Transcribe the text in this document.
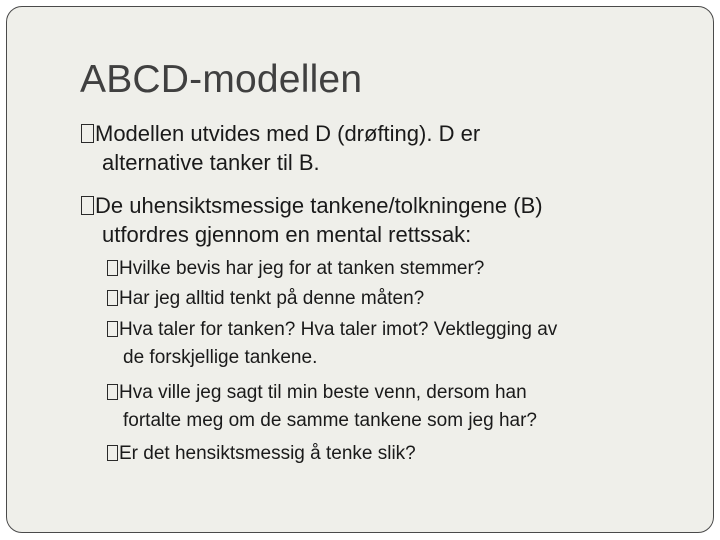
ABCD-modellen
Modellen utvides med D (drøfting). D er
alternative tanker til B.
De uhensiktsmessige tankene/tolkningene (B)
utfordres gjennom en mental rettssak:
Hvilke bevis har jeg for at tanken stemmer?
Har jeg alltid tenkt på denne måten?
Hva taler for tanken? Hva taler imot? Vektlegging av
de forskjellige tankene.
Hva ville jeg sagt til min beste venn, dersom han
fortalte meg om de samme tankene som jeg har?
Er det hensiktsmessig å tenke slik?
